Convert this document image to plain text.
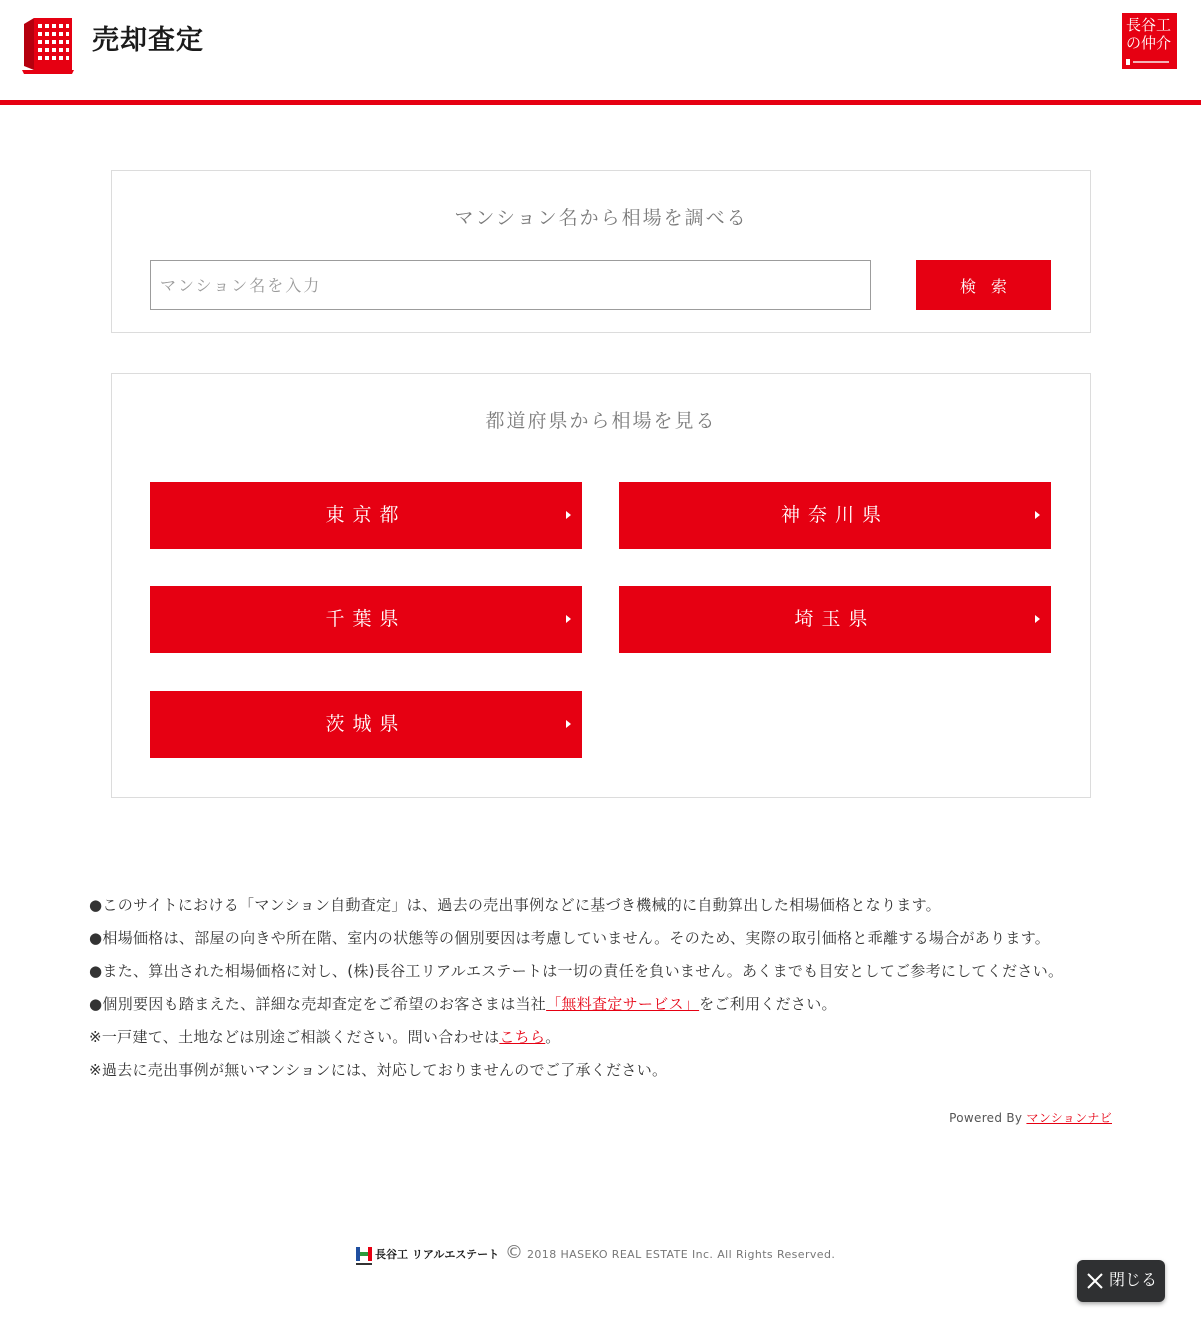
売却査定	長谷工
の仲介
マンション名から相場を調べる
マンション名を入力
検 索
都道府県から相場を見る
東京都	神奈川県
千葉県	埼玉県
茨城県
●このサイトにおける「マンション自動査定」は、過去の売出事例などに基づき機械的に自動算出した相場価格となります。
●相場価格は、部屋の向きや所在階、室内の状態等の個別要因は考慮していません。そのため、実際の取引価格と乖離する場合があります。
●また、算出された相場価格に対し、(株)長谷工リアルエステートは一切の責任を負いません。あくまでも目安としてご参考にしてください。
●個別要因も踏まえた、詳細な売却査定をご希望のお客さまは当社「無料査定サービス」をご利用ください。
※一戸建て、土地などは別途ご相談ください。問い合わせはこちら。
※過去に売出事例が無いマンションには、対応しておりませんのでご了承ください。
Powered By マンションナビ
長谷工 リアルエステート © 2018 HASEKO REAL ESTATE Inc. All Rights Reserved.
閉じる
